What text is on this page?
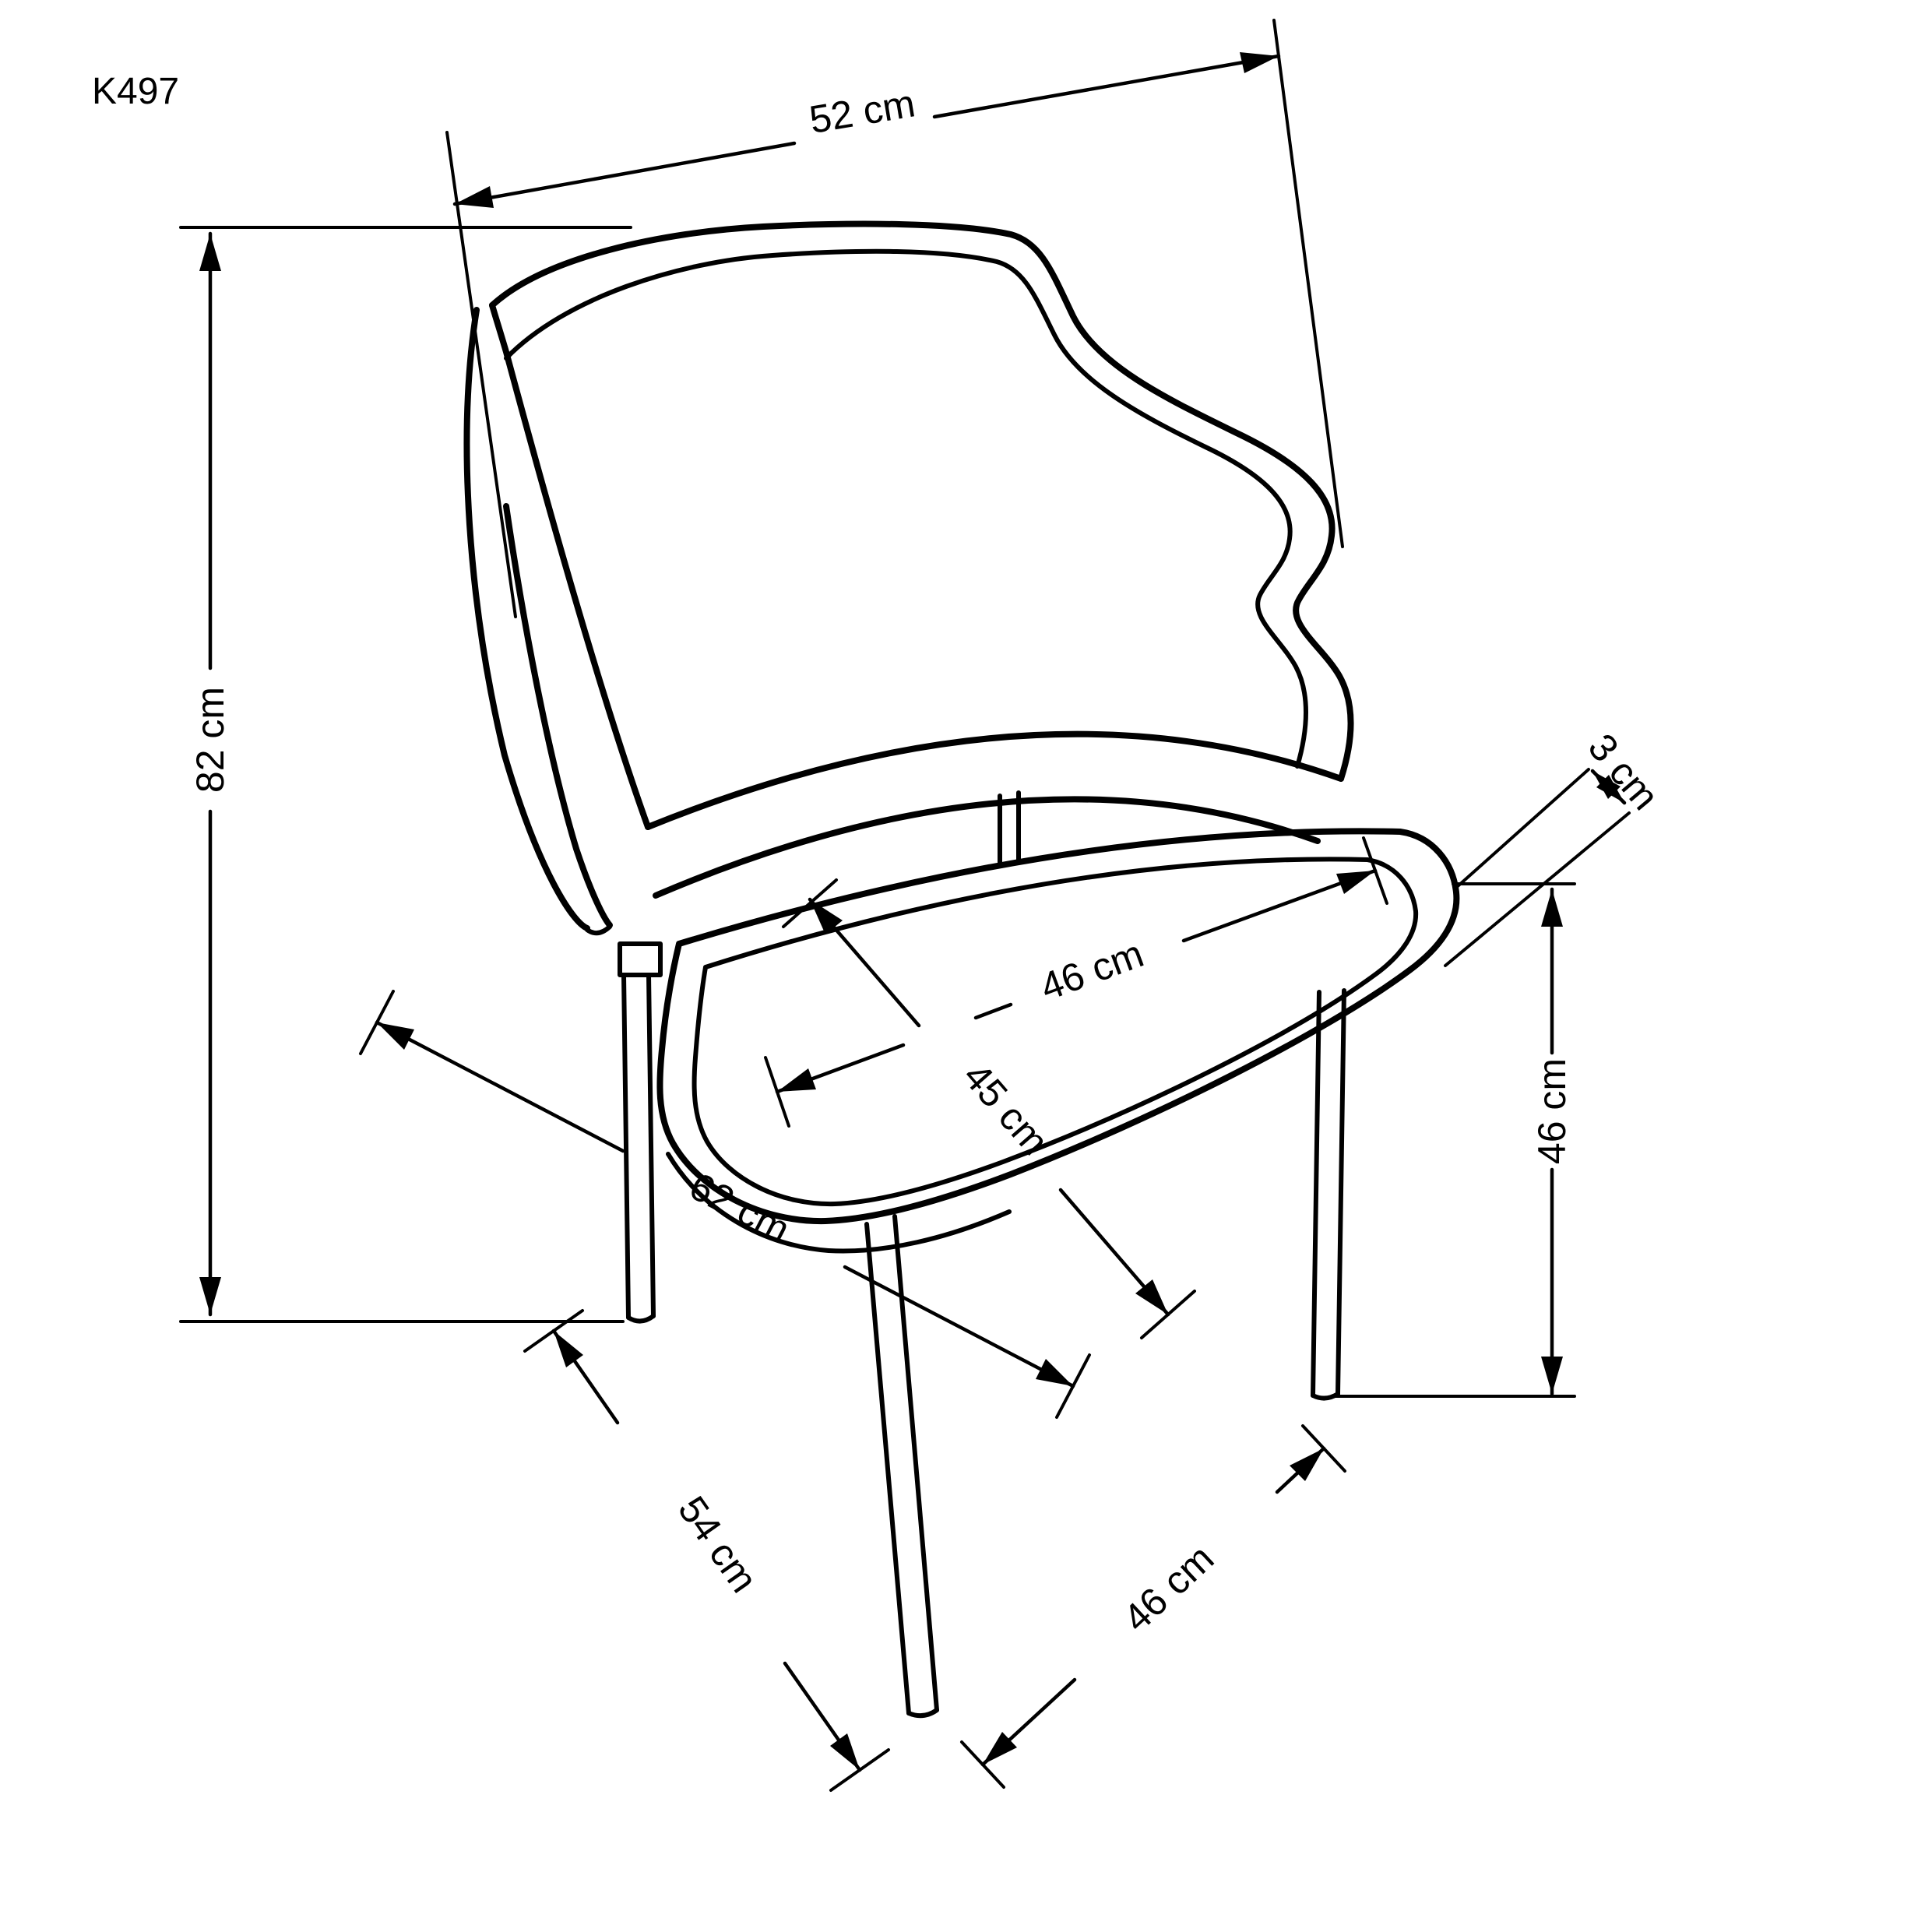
52 cm
82 cm
46 cm
45 cm
62 cm
54 cm	46 cm
46 cm
3 cm
K497
